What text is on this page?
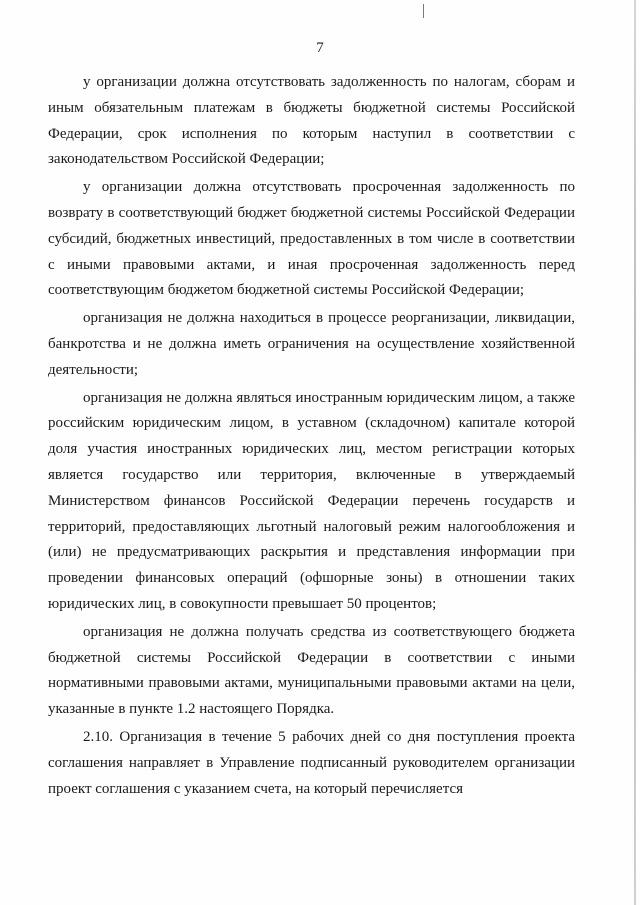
7

у организации должна отсутствовать задолженность по налогам, сборам и иным обязательным платежам в бюджеты бюджетной системы Российской Федерации, срок исполнения по которым наступил в соответствии с законодательством Российской Федерации;

у организации должна отсутствовать просроченная задолженность по возврату в соответствующий бюджет бюджетной системы Российской Федерации субсидий, бюджетных инвестиций, предоставленных в том числе в соответствии с иными правовыми актами, и иная просроченная задолженность перед соответствующим бюджетом бюджетной системы Российской Федерации;

организация не должна находиться в процессе реорганизации, ликвидации, банкротства и не должна иметь ограничения на осуществление хозяйственной деятельности;

организация не должна являться иностранным юридическим лицом, а также российским юридическим лицом, в уставном (складочном) капитале которой доля участия иностранных юридических лиц, местом регистрации которых является государство или территория, включенные в утверждаемый Министерством финансов Российской Федерации перечень государств и территорий, предоставляющих льготный налоговый режим налогообложения и (или) не предусматривающих раскрытия и представления информации при проведении финансовых операций (офшорные зоны) в отношении таких юридических лиц, в совокупности превышает 50 процентов;

организация не должна получать средства из соответствующего бюджета бюджетной системы Российской Федерации в соответствии с иными нормативными правовыми актами, муниципальными правовыми актами на цели, указанные в пункте 1.2 настоящего Порядка.

2.10. Организация в течение 5 рабочих дней со дня поступления проекта соглашения направляет в Управление подписанный руководителем организации проект соглашения с указанием счета, на который перечисляется
